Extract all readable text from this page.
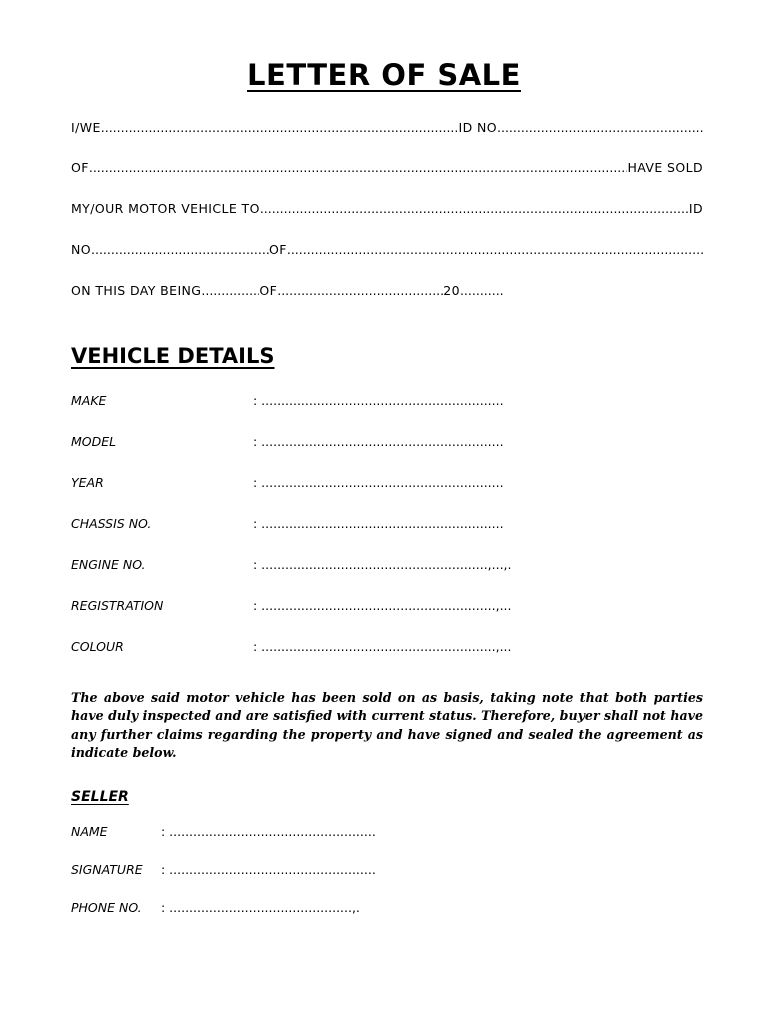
LETTER OF SALE
I/WE .....	ID NO
.....
OF .....	HAVE SOLD
MY/OUR MOTOR VEHICLE TO .....	ID
NO .....	OF
.....
ON THIS DAY BEING .....	OF .....	20
.....
VEHICLE DETAILS
MAKE	: .............................................................
MODEL	: .............................................................
YEAR	: .............................................................
CHASSIS NO.	: .............................................................
ENGINE NO.	: .........................................................,...,.
REGISTRATION	: ...........................................................,...
COLOUR	: ...........................................................,...
The above said motor vehicle has been sold on as basis, taking note that both parties have duly inspected and are satisfied with current status. Therefore, buyer shall not have any further claims regarding the property and have signed and sealed the agreement as indicate below.
SELLER
NAME	: ....................................................
SIGNATURE : ....................................................
PHONE NO. : ..............................................,.
